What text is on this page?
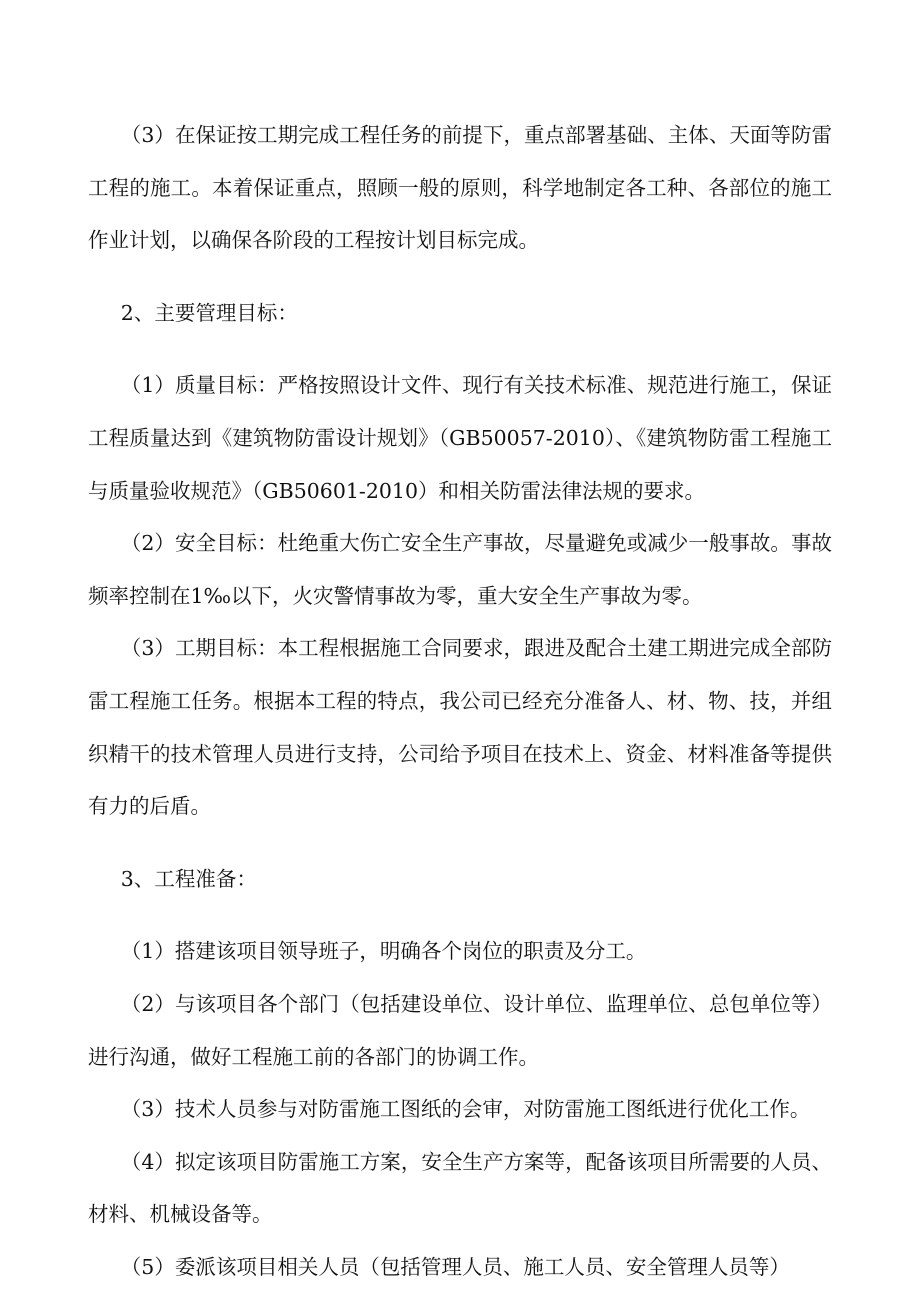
（3）在保证按工期完成工程任务的前提下，重点部署基础、主体、天面等防雷工程的施工。本着保证重点，照顾一般的原则，科学地制定各工种、各部位的施工作业计划，以确保各阶段的工程按计划目标完成。

2、主要管理目标：

（1）质量目标：严格按照设计文件、现行有关技术标准、规范进行施工，保证工程质量达到《建筑物防雷设计规划》（GB50057-2010）、《建筑物防雷工程施工与质量验收规范》（GB50601-2010）和相关防雷法律法规的要求。

（2）安全目标：杜绝重大伤亡安全生产事故，尽量避免或减少一般事故。事故频率控制在1‰以下，火灾警情事故为零，重大安全生产事故为零。

（3）工期目标：本工程根据施工合同要求，跟进及配合土建工期进完成全部防雷工程施工任务。根据本工程的特点，我公司已经充分准备人、材、物、技，并组织精干的技术管理人员进行支持，公司给予项目在技术上、资金、材料准备等提供有力的后盾。

3、工程准备：

（1）搭建该项目领导班子，明确各个岗位的职责及分工。

（2）与该项目各个部门（包括建设单位、设计单位、监理单位、总包单位等）进行沟通，做好工程施工前的各部门的协调工作。

（3）技术人员参与对防雷施工图纸的会审，对防雷施工图纸进行优化工作。

（4）拟定该项目防雷施工方案，安全生产方案等，配备该项目所需要的人员、材料、机械设备等。

（5）委派该项目相关人员（包括管理人员、施工人员、安全管理人员等）
